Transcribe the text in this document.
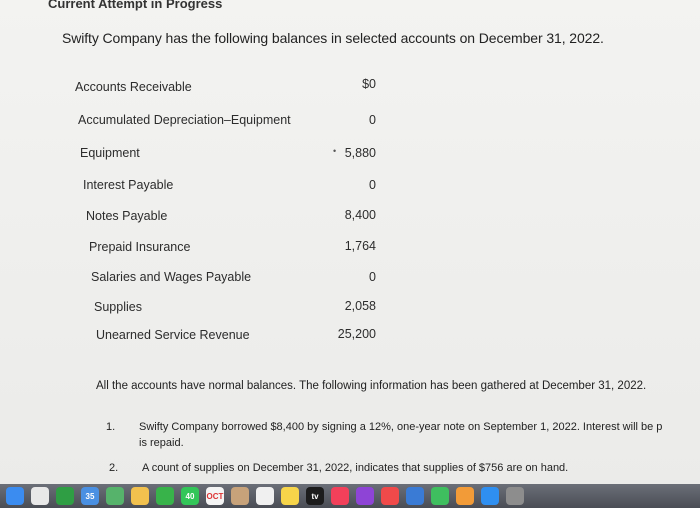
Current Attempt in Progress
Swifty Company has the following balances in selected accounts on December 31, 2022.
Accounts Receivable	$0
Accumulated Depreciation–Equipment	0
Equipment	• 5,880
Interest Payable	0
Notes Payable	8,400
Prepaid Insurance	1,764
Salaries and Wages Payable	0
Supplies	2,058
Unearned Service Revenue	25,200
All the accounts have normal balances. The following information has been gathered at December 31, 2022.
1. Swifty Company borrowed $8,400 by signing a 12%, one-year note on September 1, 2022. Interest will be p
is repaid.
2. A count of supplies on December 31, 2022, indicates that supplies of $756 are on hand.
35	40 OCT	tv
